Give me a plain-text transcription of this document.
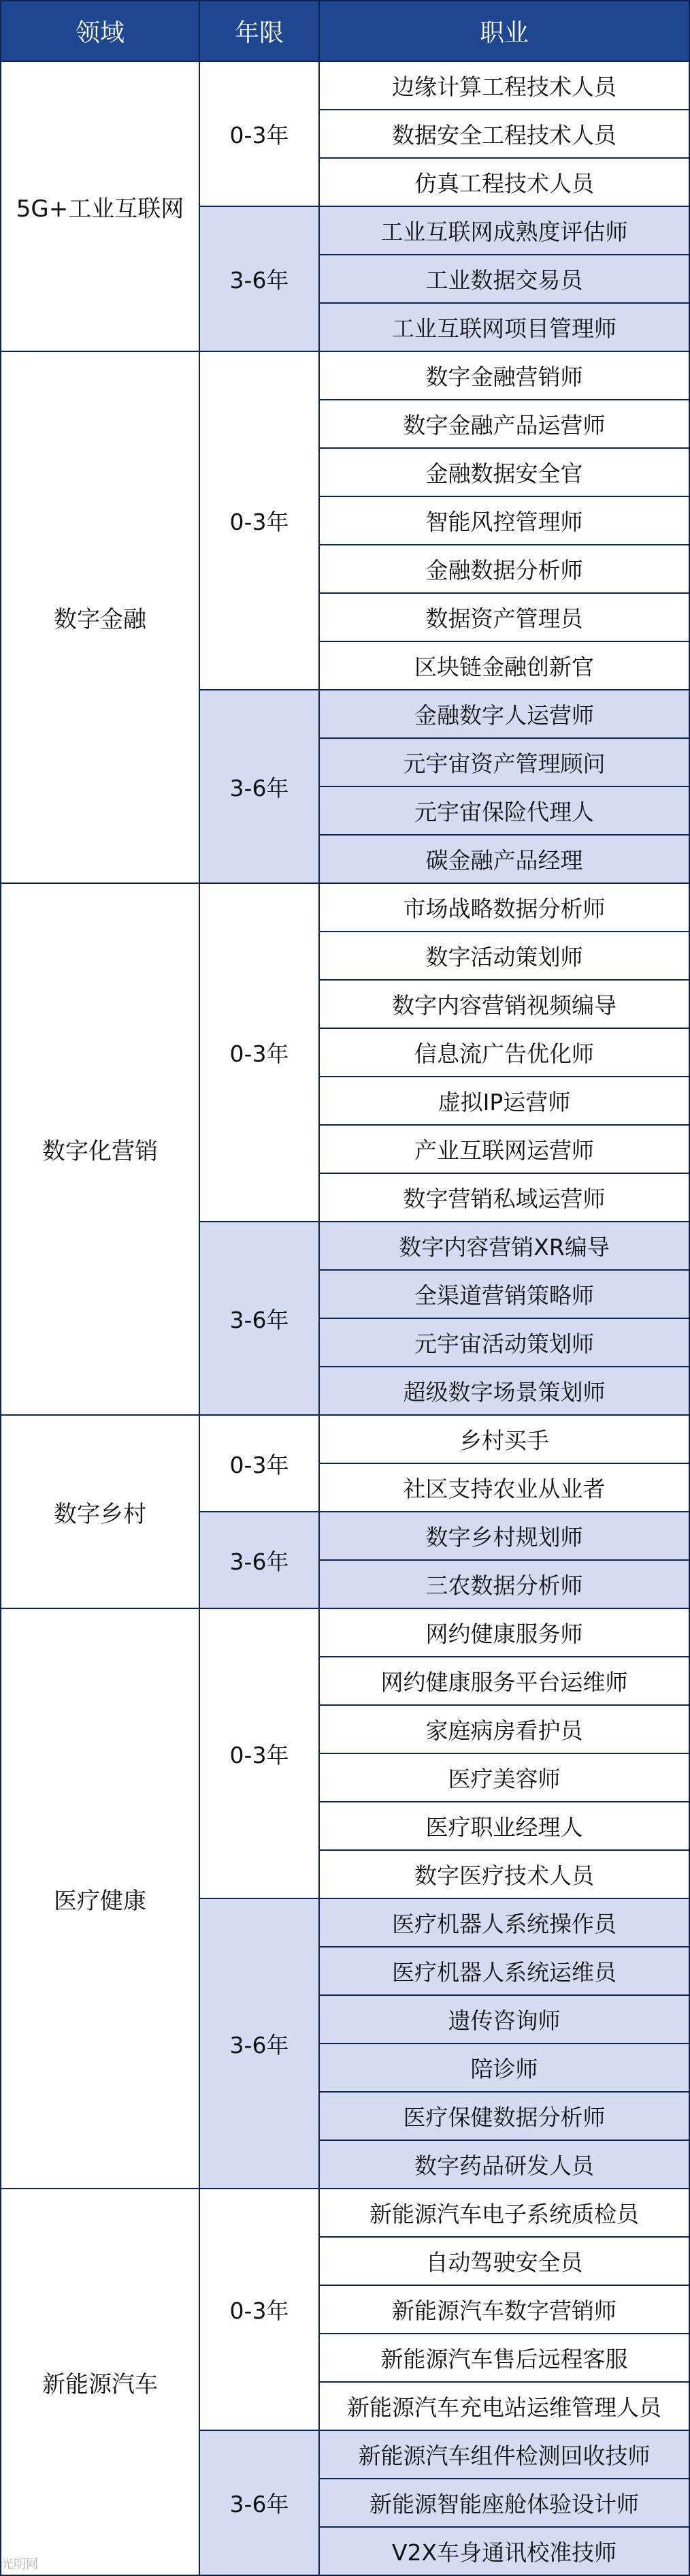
领域	年限	职业
5G+工业互联网	0-3年	边缘计算工程技术人员
		数据安全工程技术人员
		仿真工程技术人员
	3-6年	工业互联网成熟度评估师
		工业数据交易员
		工业互联网项目管理师
数字金融	0-3年	数字金融营销师
		数字金融产品运营师
		金融数据安全官
		智能风控管理师
		金融数据分析师
		数据资产管理员
		区块链金融创新官
	3-6年	金融数字人运营师
		元宇宙资产管理顾问
		元宇宙保险代理人
		碳金融产品经理
数字化营销	0-3年	市场战略数据分析师
		数字活动策划师
		数字内容营销视频编导
		信息流广告优化师
		虚拟IP运营师
		产业互联网运营师
		数字营销私域运营师
	3-6年	数字内容营销XR编导
		全渠道营销策略师
		元宇宙活动策划师
		超级数字场景策划师
数字乡村	0-3年	乡村买手
		社区支持农业从业者
	3-6年	数字乡村规划师
		三农数据分析师
医疗健康	0-3年	网约健康服务师
		网约健康服务平台运维师
		家庭病房看护员
		医疗美容师
		医疗职业经理人
		数字医疗技术人员
	3-6年	医疗机器人系统操作员
		医疗机器人系统运维员
		遗传咨询师
		陪诊师
		医疗保健数据分析师
		数字药品研发人员
新能源汽车	0-3年	新能源汽车电子系统质检员
		自动驾驶安全员
		新能源汽车数字营销师
		新能源汽车售后远程客服
		新能源汽车充电站运维管理人员
	3-6年	新能源汽车组件检测回收技师
		新能源智能座舱体验设计师
		V2X车身通讯校准技师
光明网
